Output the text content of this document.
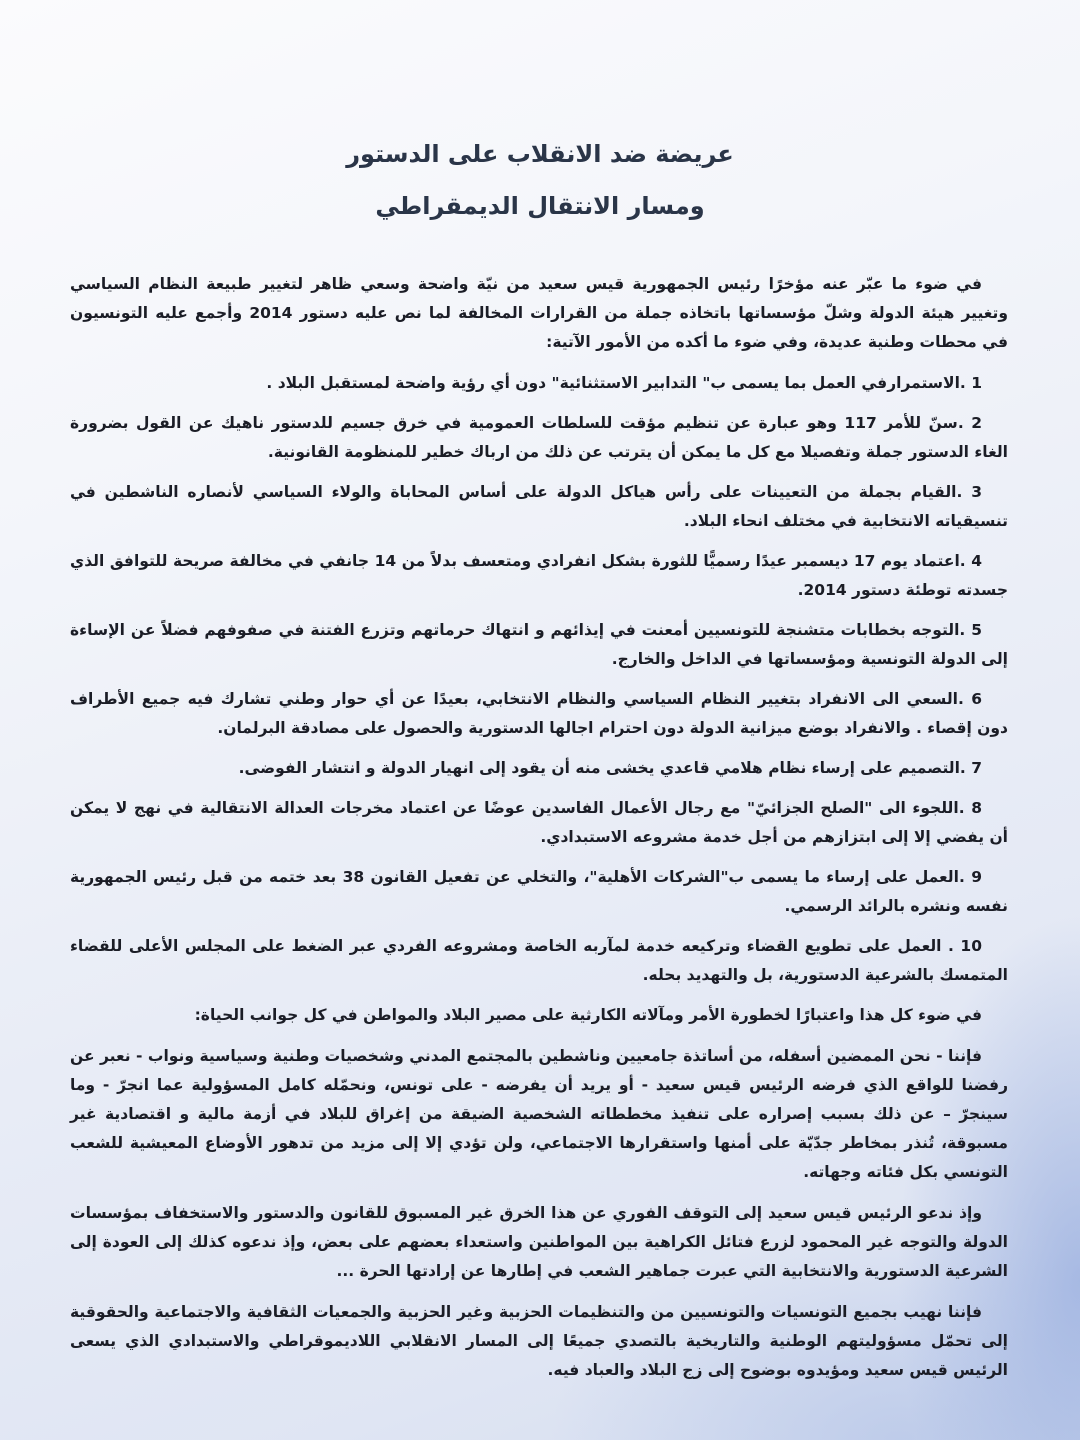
عريضة ضد الانقلاب على الدستور
ومسار الانتقال الديمقراطي

في ضوء ما عبّر عنه مؤخرًا رئيس الجمهورية قيس سعيد من نيّة واضحة وسعي ظاهر لتغيير طبيعة النظام السياسي وتغيير هيئة الدولة وشلّ مؤسساتها باتخاذه جملة من القرارات المخالفة لما نص عليه دستور 2014 وأجمع عليه التونسيون في محطات وطنية عديدة، وفي ضوء ما أكده من الأمور الآتية:

1 .الاستمرارفي العمل بما يسمى ب" التدابير الاستثنائية" دون أي رؤية واضحة لمستقبل البلاد .

2 .سنّ للأمر 117 وهو عبارة عن تنظيم مؤقت للسلطات العمومية في خرق جسيم للدستور ناهيك عن القول بضرورة الغاء الدستور جملة وتفصيلا مع كل ما يمكن أن يترتب عن ذلك من ارباك خطير للمنظومة القانونية.

3 .القيام بجملة من التعيينات على رأس هياكل الدولة على أساس المحاباة والولاء السياسي لأنصاره الناشطين في تنسيقياته الانتخابية في مختلف انحاء البلاد.

4 .اعتماد يوم 17 ديسمبر عيدًا رسميًّا للثورة بشكل انفرادي ومتعسف بدلاً من 14 جانفي في مخالفة صريحة للتوافق الذي جسدته توطئة دستور 2014.

5 .التوجه بخطابات متشنجة للتونسيين أمعنت في إيذائهم و انتهاك حرماتهم وتزرع الفتنة في صفوفهم فضلاً عن الإساءة إلى الدولة التونسية ومؤسساتها في الداخل والخارج.

6 .السعي الى الانفراد بتغيير النظام السياسي والنظام الانتخابي، بعيدًا عن أي حوار وطني تشارك فيه جميع الأطراف دون إقصاء . والانفراد بوضع ميزانية الدولة دون احترام اجالها الدستورية والحصول على مصادقة البرلمان.

7 .التصميم على إرساء نظام هلامي قاعدي يخشى منه أن يقود إلى انهيار الدولة و انتشار الفوضى.

8 .اللجوء الى "الصلح الجزائيّ" مع رجال الأعمال الفاسدين عوضًا عن اعتماد مخرجات العدالة الانتقالية في نهج لا يمكن أن يفضي إلا إلى ابتزازهم من أجل خدمة مشروعه الاستبدادي.

9 .العمل على إرساء ما يسمى ب"الشركات الأهلية"، والتخلي عن تفعيل القانون 38 بعد ختمه من قبل رئيس الجمهورية نفسه ونشره بالرائد الرسمي.

10 . العمل على تطويع القضاء وتركيعه خدمة لمآربه الخاصة ومشروعه الفردي عبر الضغط على المجلس الأعلى للقضاء المتمسك بالشرعية الدستورية، بل والتهديد بحله.

في ضوء كل هذا واعتبارًا لخطورة الأمر ومآلاته الكارثية على مصير البلاد والمواطن في كل جوانب الحياة:

فإننا - نحن الممضين أسفله، من أساتذة جامعيين وناشطين بالمجتمع المدني وشخصيات وطنية وسياسية ونواب - نعبر عن رفضنا للواقع الذي فرضه الرئيس قيس سعيد - أو يريد أن يفرضه - على تونس، ونحمّله كامل المسؤولية عما انجرّ - وما سينجرّ – عن ذلك بسبب إصراره على تنفيذ مخططاته الشخصية الضيقة من إغراق للبلاد في أزمة مالية و اقتصادية غير مسبوقة، تُنذر بمخاطر جدّيّة على أمنها واستقرارها الاجتماعي، ولن تؤدي إلا إلى مزيد من تدهور الأوضاع المعيشية للشعب التونسي بكل فئاته وجهاته.

وإذ ندعو الرئيس قيس سعيد إلى التوقف الفوري عن هذا الخرق غير المسبوق للقانون والدستور والاستخفاف بمؤسسات الدولة والتوجه غير المحمود لزرع فتائل الكراهية بين المواطنين واستعداء بعضهم على بعض، وإذ ندعوه كذلك إلى العودة إلى الشرعية الدستورية والانتخابية التي عبرت جماهير الشعب في إطارها عن إرادتها الحرة ...

فإننا نهيب بجميع التونسيات والتونسيين من والتنظيمات الحزبية وغير الحزبية والجمعيات الثقافية والاجتماعية والحقوقية إلى تحمّل مسؤوليتهم الوطنية والتاريخية بالتصدي جميعًا إلى المسار الانقلابي اللاديموقراطي والاستبدادي الذي يسعى الرئيس قيس سعيد ومؤيدوه بوضوح إلى زج البلاد والعباد فيه.
